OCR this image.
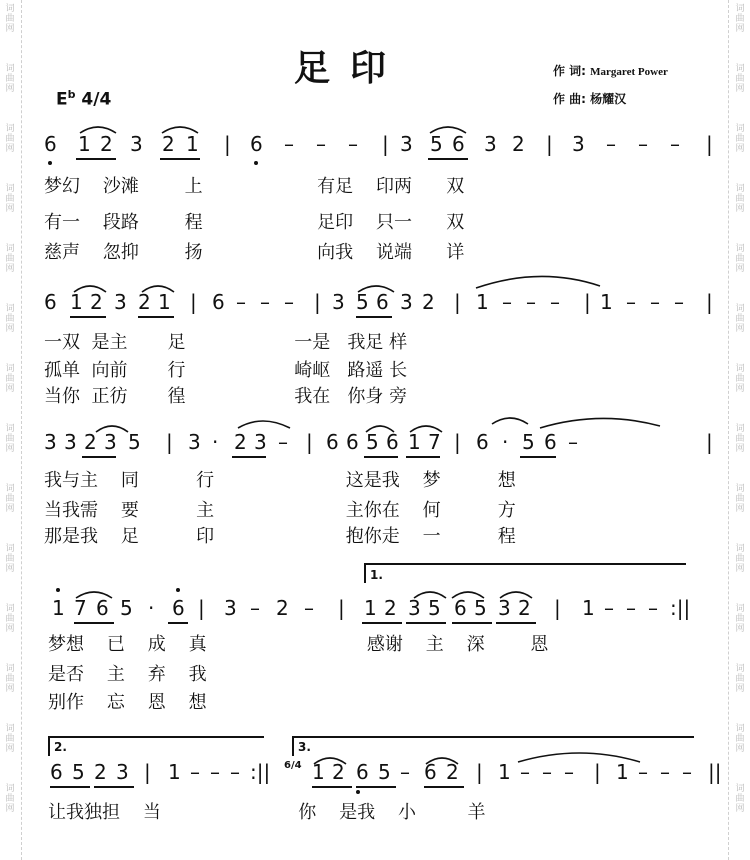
词
曲
网
词
曲
网
词
曲
网
词
曲
网
词
曲
网
词
曲
网
词
曲
网
词
曲
网
词
曲
网
词
曲
网
词
曲
网
词
曲
网
词
曲
网
词
曲
网
词
曲
网
词
曲
网
词
曲
网
词
曲
网
词
曲
网
词
曲
网
词
曲
网
词
曲
网
词
曲
网
词
曲
网
词
曲
网
词
曲
网
词
曲
网
词
曲
网
足印	作 词: Margaret Power
作 曲: 杨耀汉
$E^b$ 4/4
6 1 2 3 2 1 | 6 – – – | 3 5 6 3 2 | 3 – – – |
梦幻    沙滩        上                    有足    印两      双
有一    段路        程                    足印    只一      双
慈声    忽抑        扬                    向我    说端      详
6 1 2 3 2 1 | 6 – – – | 3 5 6 3 2 | 1 – – – | 1 – – – |
一双  是主       足                   一是   我足 样
孤单  向前       行                   崎岖   路遥 长
当你  正彷       徨                   我在   你身 旁
3 3 2 3 5 | 3 · 2 3 – | 6 6 5 6 1 7 | 6 · 5 6 –	|
我与主    同          行                       这是我    梦          想
当我需    要          主                       主你在    何          方
那是我    足          印                       抱你走    一          程
1.
1 7 6 5 · 6 | 3 – 2 – | 1 2 3 5 6 5 3 2 | 1 – – – :||
梦想    已    成    真                            感谢    主    深        恩
是否    主    弃    我
别作    忘    恩    想
2.	3.
6/4
6 5 2 3 | 1 – – – :|| 1 2 6 5 – 6 2 | 1 – – – | 1 – – – ||
让我独担    当                        你    是我    小         羊
